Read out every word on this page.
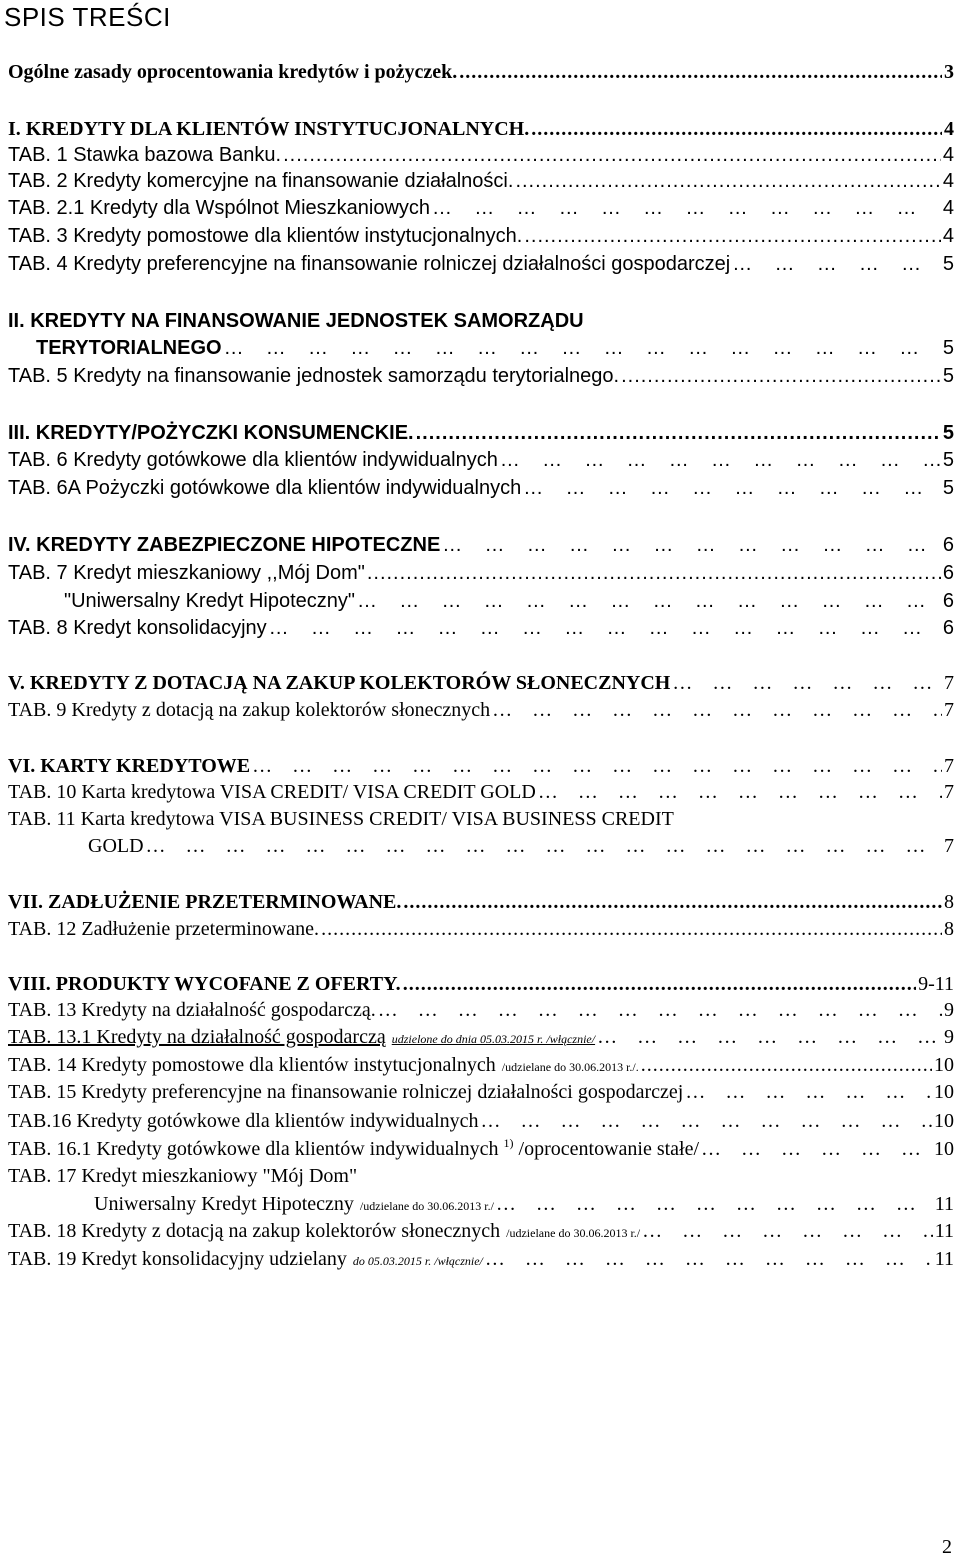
SPIS TREŚCI
Ogólne zasady oprocentowania kredytów i pożyczek. .....	3
I. KREDYTY DLA KLIENTÓW INSTYTUCJONALNYCH. .....	4
TAB. 1 Stawka bazowa Banku. .....	4
TAB. 2 Kredyty komercyjne na finansowanie działalności. .....	4
TAB. 2.1 Kredyty dla Wspólnot Mieszkaniowych … … … … … … … … … … … … … … … … … … … … … … … … … … … … … … … … … … … … … … … … … … … … … … … … … … … … … …	4
TAB. 3 Kredyty pomostowe dla klientów instytucjonalnych. .....	4
TAB. 4 Kredyty preferencyjne na finansowanie rolniczej działalności gospodarczej … … … … … … … … … … … … … … … … … … … … … … … … … … … … … … … … … … … … … … … … … … … … … … … … … … … … … …	5
II. KREDYTY NA FINANSOWANIE JEDNOSTEK SAMORZĄDU
TERYTORIALNEGO … … … … … … … … … … … … … … … … … … … … … … … … … … … … … … … … … … … … … … … … … … … … … … … … … … … … … …	5
TAB. 5 Kredyty na finansowanie jednostek samorządu terytorialnego. .....	5
III. KREDYTY/POŻYCZKI KONSUMENCKIE. .....	5
TAB. 6 Kredyty gotówkowe dla klientów indywidualnych … … … … … … … … … … … … … … … … … … … … … … … … … … … … … … … … … … … … … … … … … … … … … … … … … … … … … …	5
TAB. 6A Pożyczki gotówkowe dla klientów indywidualnych … … … … … … … … … … … … … … … … … … … … … … … … … … … … … … … … … … … … … … … … … … … … … … … … … … … … … …	5
IV. KREDYTY ZABEZPIECZONE HIPOTECZNE … … … … … … … … … … … … … … … … … … … … … … … … … … … … … … … … … … … … … … … … … … … … … … … … … … … … … …	6
TAB. 7 Kredyt mieszkaniowy ,,Mój Dom" .....	6
"Uniwersalny Kredyt Hipoteczny" … … … … … … … … … … … … … … … … … … … … … … … … … … … … … … … … … … … … … … … … … … … … … … … … … … … … … …	6
TAB. 8 Kredyt konsolidacyjny … … … … … … … … … … … … … … … … … … … … … … … … … … … … … … … … … … … … … … … … … … … … … … … … … … … … … …	6
V. KREDYTY Z DOTACJĄ NA ZAKUP KOLEKTORÓW SŁONECZNYCH … … … … … … … … … … … … … … … … … … … … … … … … … … … … … … … … … … … … … … … … … … … … … … … … … … … … … …	7
TAB. 9 Kredyty z dotacją na zakup kolektorów słonecznych … … … … … … … … … … … … … … … … … … … … … … … … … … … … … … … … … … … … … … … … … … … … … … … … … … … … … …	7
VI. KARTY KREDYTOWE … … … … … … … … … … … … … … … … … … … … … … … … … … … … … … … … … … … … … … … … … … … … … … … … … … … … … …	7
TAB. 10 Karta kredytowa VISA CREDIT/ VISA CREDIT GOLD … … … … … … … … … … … … … … … … … … … … … … … … … … … … … … … … … … … … … … … … … … … … … … … … … … … … … …	7
TAB. 11 Karta kredytowa VISA BUSINESS CREDIT/ VISA BUSINESS CREDIT
GOLD … … … … … … … … … … … … … … … … … … … … … … … … … … … … … … … … … … … … … … … … … … … … … … … … … … … … … …	7
VII. ZADŁUŻENIE PRZETERMINOWANE. .....	8
TAB. 12 Zadłużenie przeterminowane. .....	8
VIII. PRODUKTY WYCOFANE Z OFERTY. .....	9-11
TAB. 13 Kredyty na działalność gospodarczą. … … … … … … … … … … … … … … … … … … … … … … … … … … … … … … … … … … … … … … … … … … … … … … … … … … … … … …	9
TAB. 13.1 Kredyty na działalność gospodarczą udzielone do dnia 05.03.2015 r. /włącznie/ … … … … … … … … … … … … … … … … … … … … … … … … … … … … … … … … … … … … … … … … … … … … … … … … … … … … … …	9
TAB. 14 Kredyty pomostowe dla klientów instytucjonalnych /udzielane do 30.06.2013 r./. .....	10
TAB. 15 Kredyty preferencyjne na finansowanie rolniczej działalności gospodarczej … … … … … … … … … … … … … … … … … … … … … … … … … … … … … … … … … … … … … … … … … … … … … … … … … … … … … …	10
TAB.16 Kredyty gotówkowe dla klientów indywidualnych … … … … … … … … … … … … … … … … … … … … … … … … … … … … … … … … … … … … … … … … … … … … … … … … … … … … … …	10
TAB. 16.1 Kredyty gotówkowe dla klientów indywidualnych 1) /oprocentowanie stałe/ … … … … … … … … … … … … … … … … … … … … … … … … … … … … … … … … … … … … … … … … … … … … … … … … … … … … … …	10
TAB. 17 Kredyt mieszkaniowy "Mój Dom"
Uniwersalny Kredyt Hipoteczny /udzielane do 30.06.2013 r./ … … … … … … … … … … … … … … … … … … … … … … … … … … … … … … … … … … … … … … … … … … … … … … … … … … … … … …	11
TAB. 18 Kredyty z dotacją na zakup kolektorów słonecznych /udzielane do 30.06.2013 r./ … … … … … … … … … … … … … … … … … … … … … … … … … … … … … … … … … … … … … … … … … … … … … … … … … … … … … …	11
TAB. 19 Kredyt konsolidacyjny udzielany do 05.03.2015 r. /włącznie/ … … … … … … … … … … … … … … … … … … … … … … … … … … … … … … … … … … … … … … … … … … … … … … … … … … … … … …	11
2
